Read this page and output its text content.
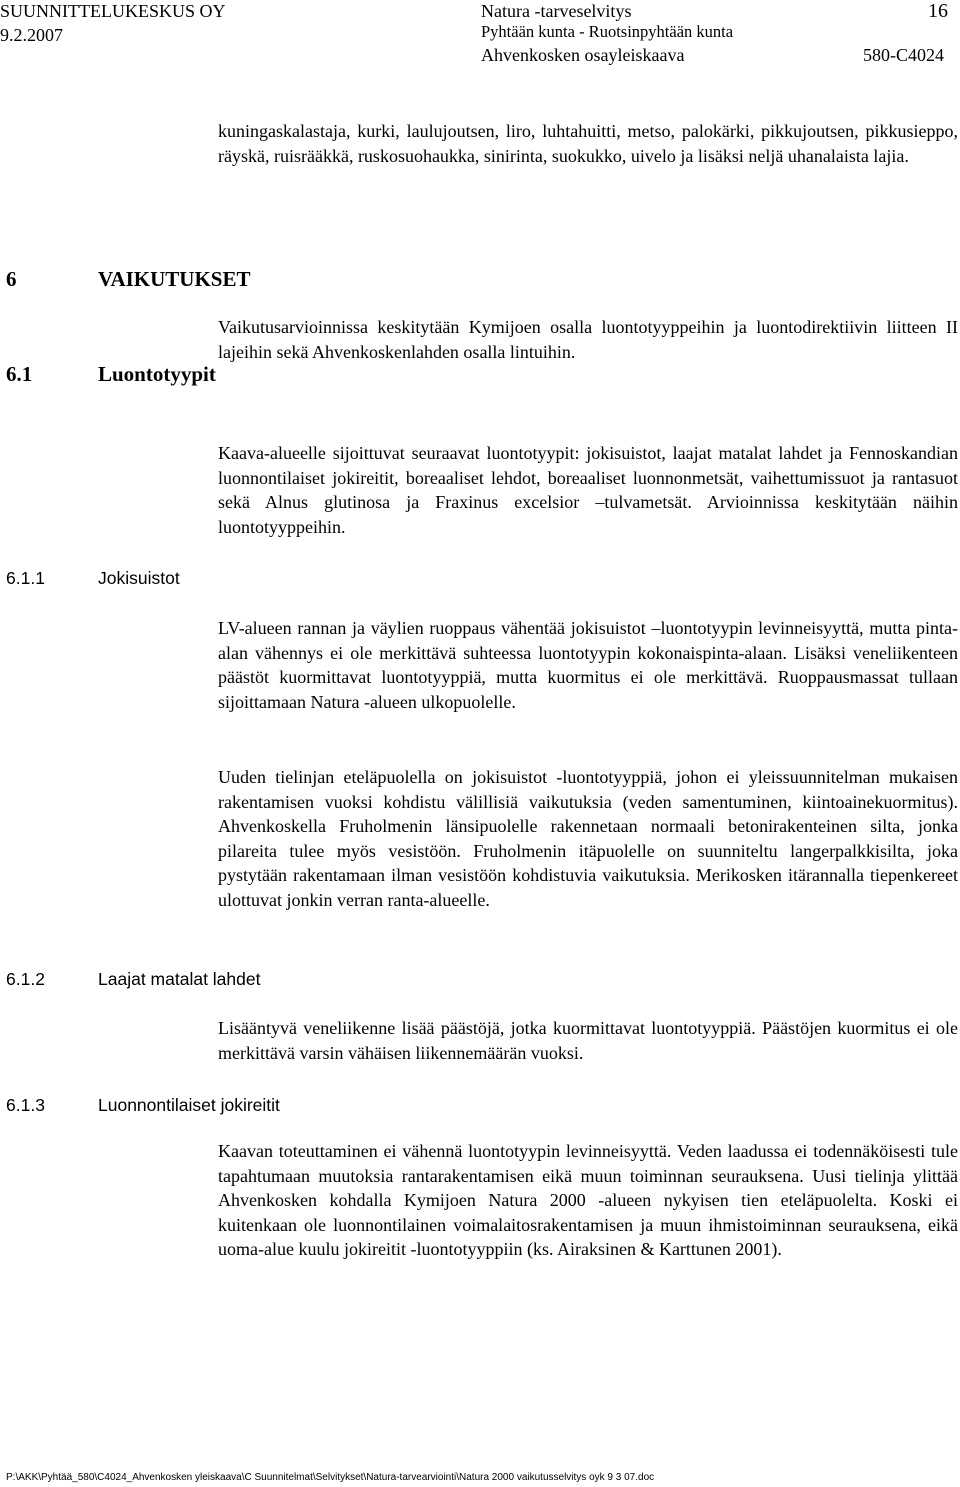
SUUNNITTELUKESKUS OY
9.2.2007
Natura -tarveselvitys
Pyhtään kunta - Ruotsinpyhtään kunta
Ahvenkosken osayleiskaava
16
580-C4024
kuningaskalastaja, kurki, laulujoutsen, liro, luhtahuitti, metso, palokärki, pikkujoutsen, pikkusieppo, räyskä, ruisrääkkä, ruskosuohaukka, sinirinta, suokukko, uivelo ja lisäksi neljä uhanalaista lajia.
6	VAIKUTUKSET
Vaikutusarvioinnissa keskitytään Kymijoen osalla luontotyyppeihin ja luontodirektiivin liitteen II lajeihin sekä Ahvenkoskenlahden osalla lintuihin.
6.1	Luontotyypit
Kaava-alueelle sijoittuvat seuraavat luontotyypit: jokisuistot, laajat matalat lahdet ja Fennoskandian luonnontilaiset jokireitit, boreaaliset lehdot, boreaaliset luonnonmetsät, vaihettumissuot ja rantasuot sekä Alnus glutinosa ja Fraxinus excelsior –tulvametsät. Arvioinnissa keskitytään näihin luontotyyppeihin.
6.1.1	Jokisuistot
LV-alueen rannan ja väylien ruoppaus vähentää jokisuistot –luontotyypin levinneisyyttä, mutta pinta-alan vähennys ei ole merkittävä suhteessa luontotyypin kokonaispinta-alaan. Lisäksi veneliikenteen päästöt kuormittavat luontotyyppiä, mutta kuormitus ei ole merkittävä. Ruoppausmassat tullaan sijoittamaan Natura -alueen ulkopuolelle.
Uuden tielinjan eteläpuolella on jokisuistot -luontotyyppiä, johon ei yleissuunnitelman mukaisen rakentamisen vuoksi kohdistu välillisiä vaikutuksia (veden samentuminen, kiintoainekuormitus). Ahvenkoskella Fruholmenin länsipuolelle rakennetaan normaali betonirakenteinen silta, jonka pilareita tulee myös vesistöön. Fruholmenin itäpuolelle on suunniteltu langerpalkkisilta, joka pystytään rakentamaan ilman vesistöön kohdistuvia vaikutuksia. Merikosken itärannalla tiepenkereet ulottuvat jonkin verran ranta-alueelle.
6.1.2	Laajat matalat lahdet
Lisääntyvä veneliikenne lisää päästöjä, jotka kuormittavat luontotyyppiä. Päästöjen kuormitus ei ole merkittävä varsin vähäisen liikennemäärän vuoksi.
6.1.3	Luonnontilaiset jokireitit
Kaavan toteuttaminen ei vähennä luontotyypin levinneisyyttä. Veden laadussa ei todennäköisesti tule tapahtumaan muutoksia rantarakentamisen eikä muun toiminnan seurauksena. Uusi tielinja ylittää Ahvenkosken kohdalla Kymijoen Natura 2000 -alueen nykyisen tien eteläpuolelta. Koski ei kuitenkaan ole luonnontilainen voimalaitosrakentamisen ja muun ihmistoiminnan seurauksena, eikä uoma-alue kuulu jokireitit -luontotyyppiin (ks. Airaksinen & Karttunen 2001).
P:\AKK\Pyhtää_580\C4024_Ahvenkosken yleiskaava\C Suunnitelmat\Selvitykset\Natura-tarvearviointi\Natura 2000 vaikutusselvitys oyk 9 3 07.doc
